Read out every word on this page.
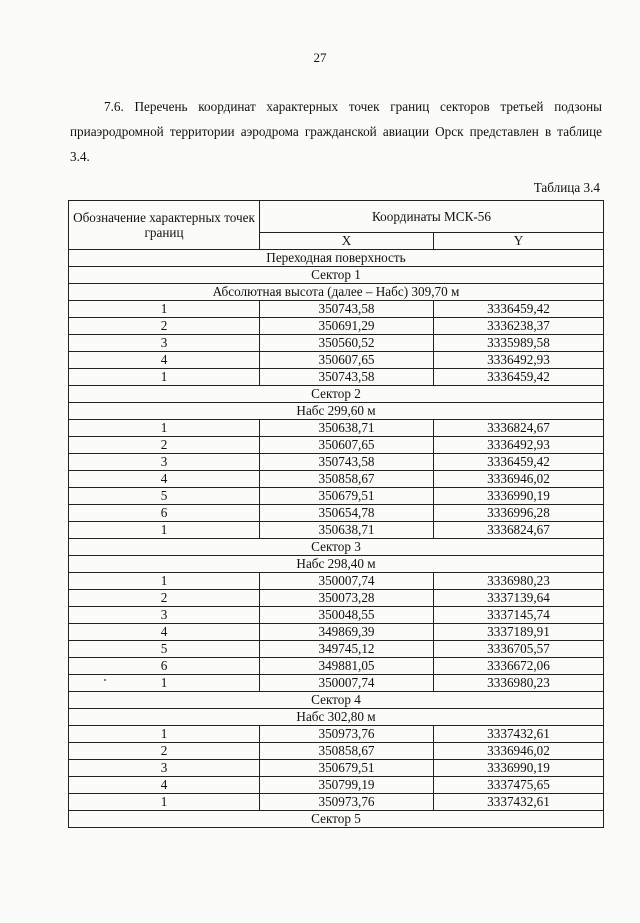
27

7.6. Перечень координат характерных точек границ секторов третьей подзоны приаэродромной территории аэродрома гражданской авиации Орск представлен в таблице 3.4.

Таблица 3.4
Обозначение характерных точек границ	Координаты МСК-56	
	X	Y
Переходная поверхность		
Сектор 1		
Абсолютная высота (далее – Набс) 309,70 м		
1	350743,58	3336459,42
2	350691,29	3336238,37
3	350560,52	3335989,58
4	350607,65	3336492,93
1	350743,58	3336459,42
Сектор 2		
Набс 299,60 м		
1	350638,71	3336824,67
2	350607,65	3336492,93
3	350743,58	3336459,42
4	350858,67	3336946,02
5	350679,51	3336990,19
6	350654,78	3336996,28
1	350638,71	3336824,67
Сектор 3		
Набс 298,40 м		
1	350007,74	3336980,23
2	350073,28	3337139,64
3	350048,55	3337145,74
4	349869,39	3337189,91
5	349745,12	3336705,57
6	349881,05	3336672,06
1	350007,74	3336980,23
Сектор 4		
Набс 302,80 м		
1	350973,76	3337432,61
2	350858,67	3336946,02
3	350679,51	3336990,19
4	350799,19	3337475,65
1	350973,76	3337432,61
Сектор 5		
